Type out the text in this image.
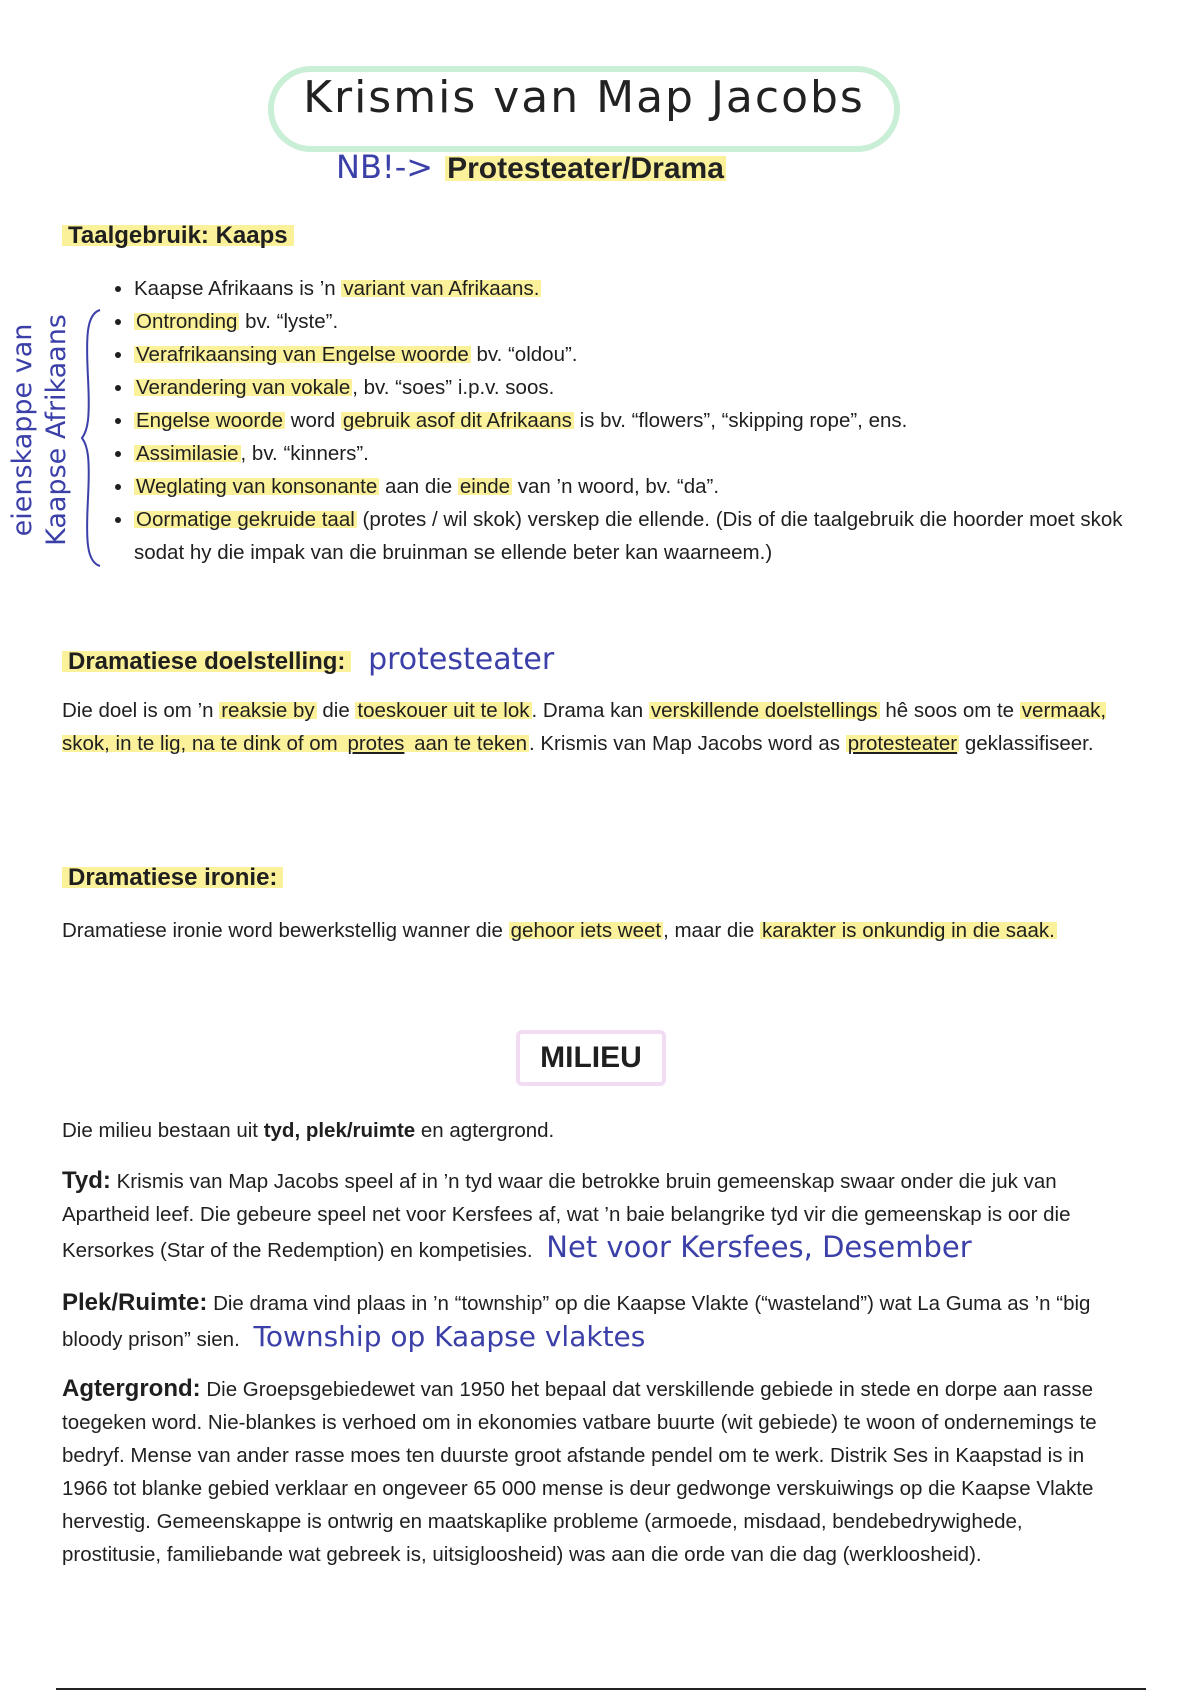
Krismis van Map Jacobs
NB!-> Protesteater/Drama
Taalgebruik: Kaaps
eienskappe van Kaapse Afrikaans
• Kaapse Afrikaans is ’n variant van Afrikaans.
• Ontronding bv. “lyste”.
• Verafrikaansing van Engelse woorde bv. “oldou”.
• Verandering van vokale, bv. “soes” i.p.v. soos.
• Engelse woorde word gebruik asof dit Afrikaans is bv. “flowers”, “skipping rope”, ens.
• Assimilasie, bv. “kinners”.
• Weglating van konsonante aan die einde van ’n woord, bv. “da”.
• Oormatige gekruide taal (protes / wil skok) verskep die ellende. (Dis of die taalgebruik die hoorder moet skok sodat hy die impak van die bruinman se ellende beter kan waarneem.)
Dramatiese doelstelling: protesteater
Die doel is om ’n reaksie by die toeskouer uit te lok. Drama kan verskillende doelstellings hê soos om te vermaak, skok, in te lig, na te dink of om protes aan te teken. Krismis van Map Jacobs word as protesteater geklassifiseer.
Dramatiese ironie:
Dramatiese ironie word bewerkstellig wanner die gehoor iets weet, maar die karakter is onkundig in die saak.
MILIEU
Die milieu bestaan uit tyd, plek/ruimte en agtergrond.
Tyd: Krismis van Map Jacobs speel af in ’n tyd waar die betrokke bruin gemeenskap swaar onder die juk van Apartheid leef. Die gebeure speel net voor Kersfees af, wat ’n baie belangrike tyd vir die gemeenskap is oor die Kersorkes (Star of the Redemption) en kompetisies. Net voor Kersfees, Desember
Plek/Ruimte: Die drama vind plaas in ’n “township” op die Kaapse Vlakte (“wasteland”) wat La Guma as ’n “big bloody prison” sien. Township op Kaapse vlaktes
Agtergrond: Die Groepsgebiedewet van 1950 het bepaal dat verskillende gebiede in stede en dorpe aan rasse toegeken word. Nie-blankes is verhoed om in ekonomies vatbare buurte (wit gebiede) te woon of ondernemings te bedryf. Mense van ander rasse moes ten duurste groot afstande pendel om te werk. Distrik Ses in Kaapstad is in 1966 tot blanke gebied verklaar en ongeveer 65 000 mense is deur gedwonge verskuiwings op die Kaapse Vlakte hervestig. Gemeenskappe is ontwrig en maatskaplike probleme (armoede, misdaad, bendebedrywighede, prostitusie, familiebande wat gebreek is, uitsigloosheid) was aan die orde van die dag (werkloosheid).
